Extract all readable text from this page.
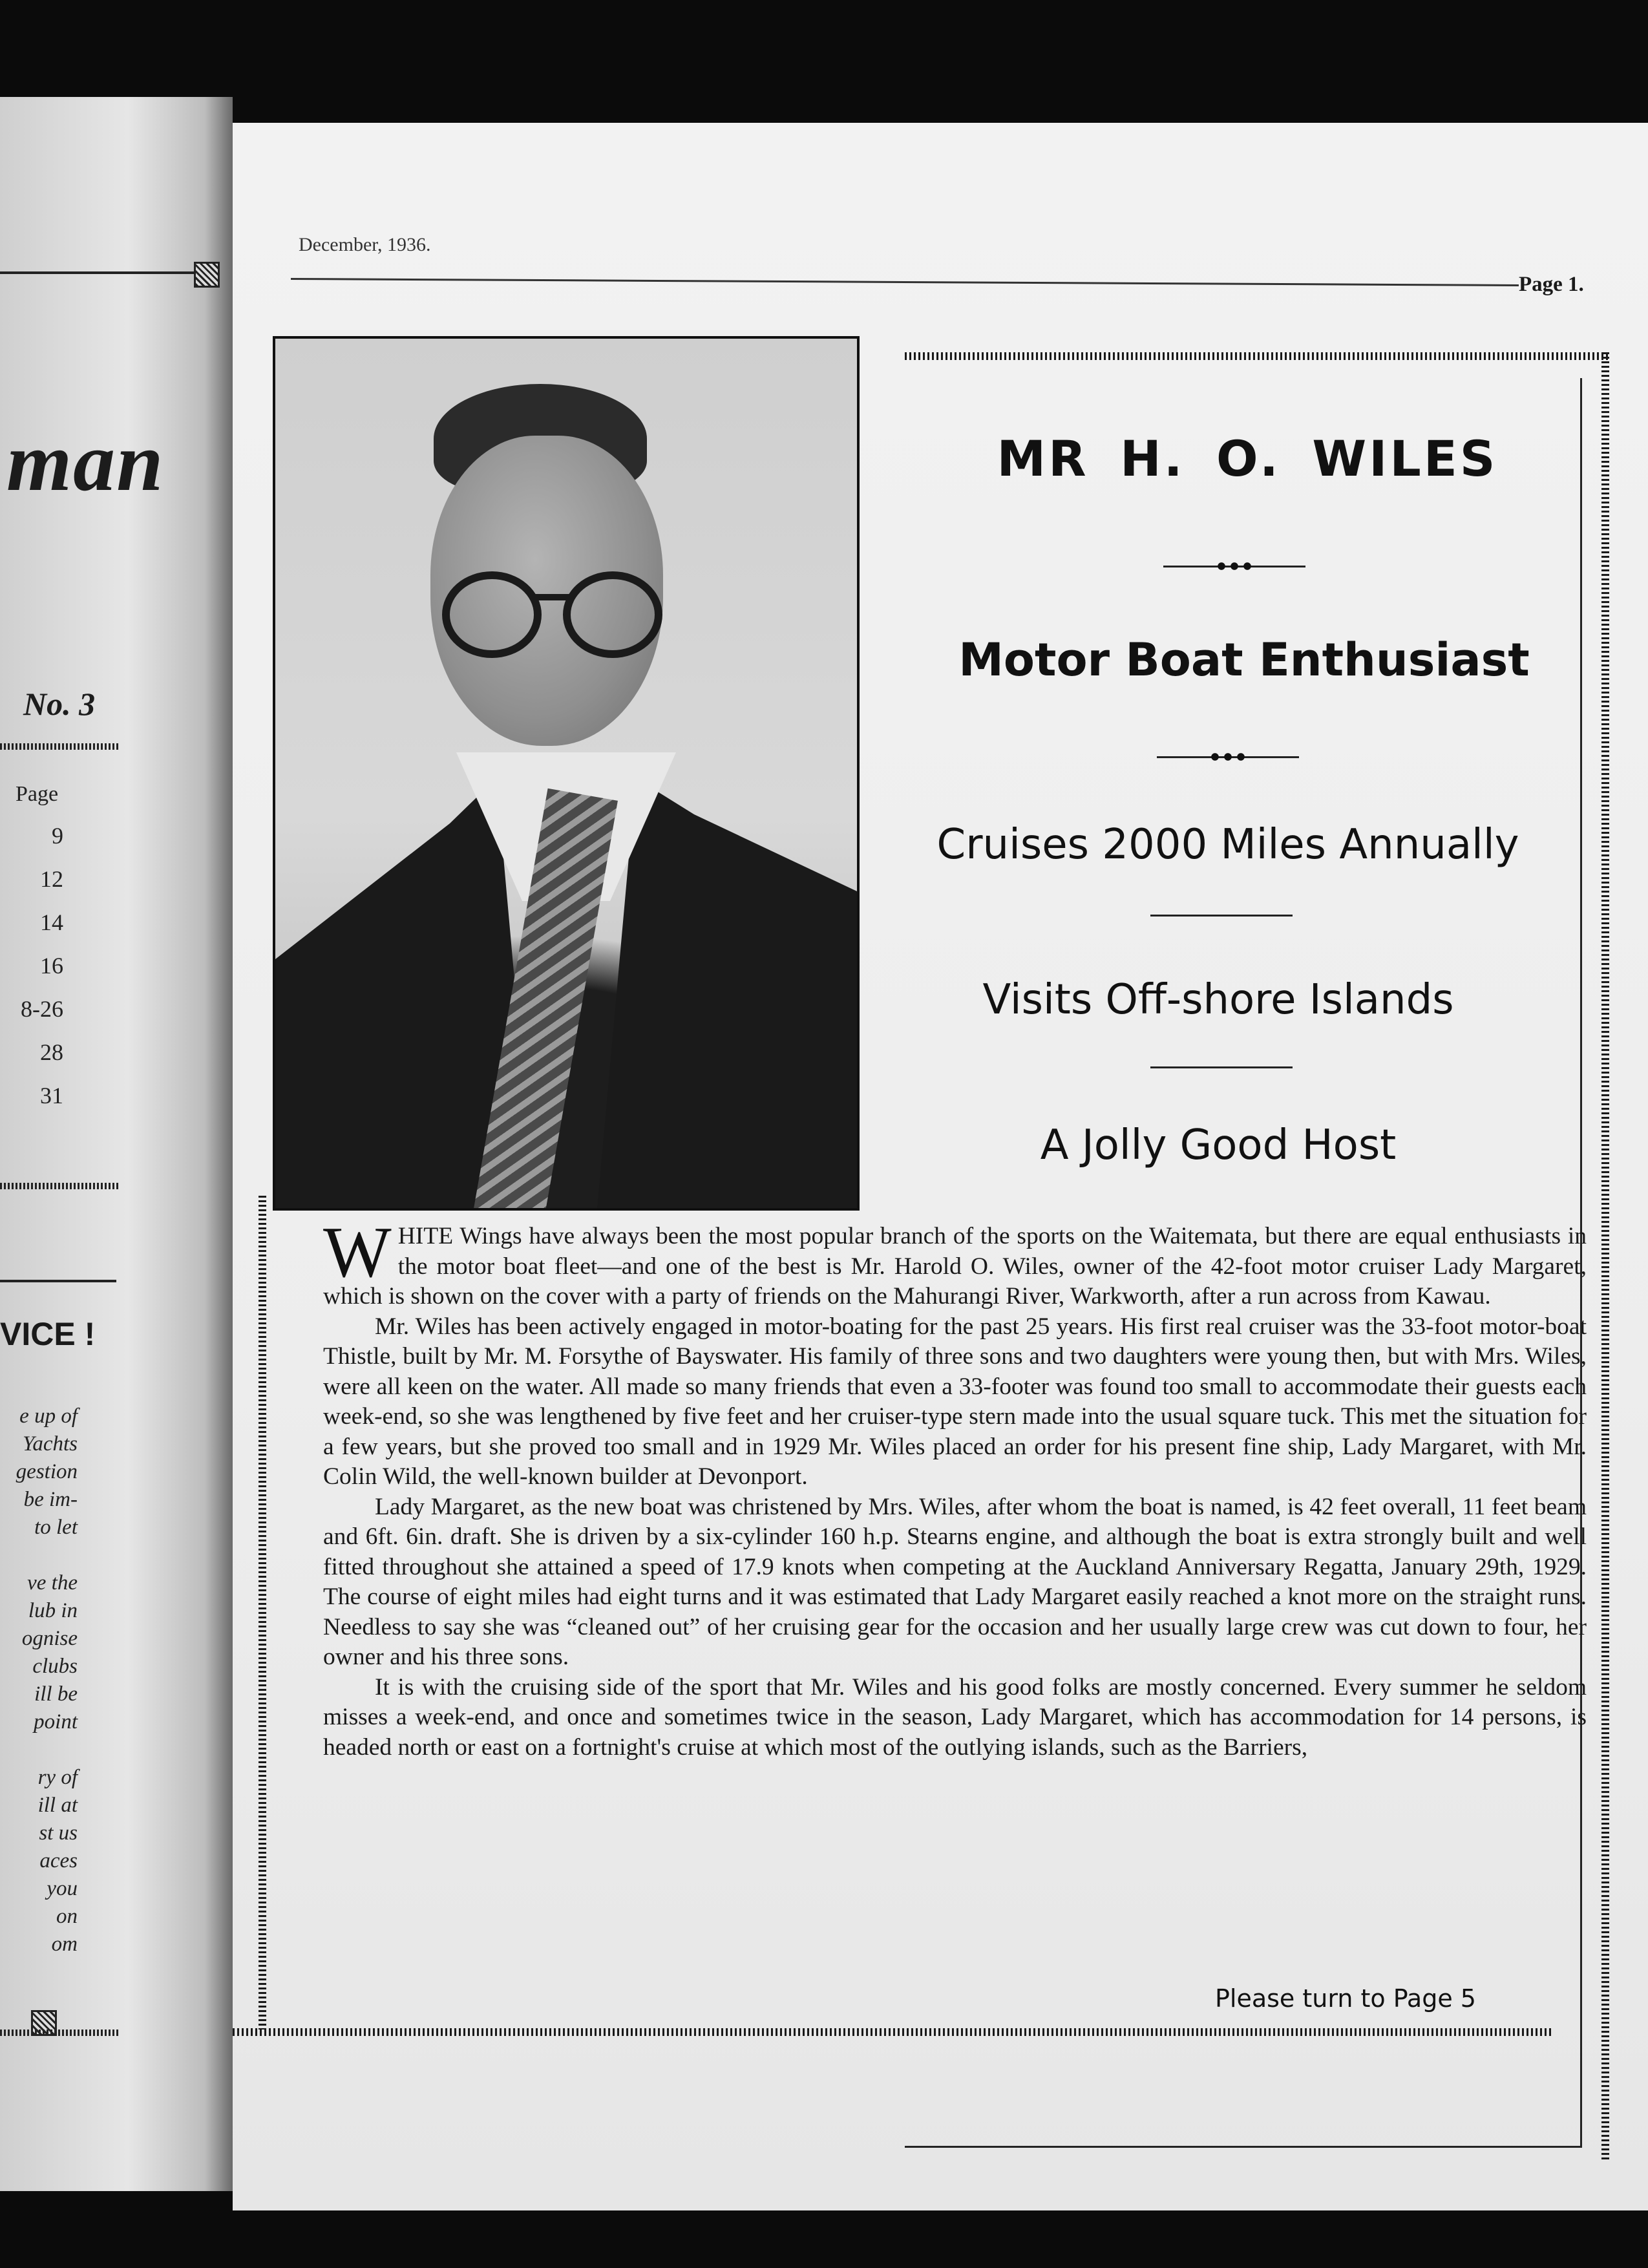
man
No. 3
Page
9
12
14
16
8-26
28
31
VICE !
e up of
Yachts
gestion
be im-
to let
ve the
lub in
ognise
clubs
ill be
point
ry of
ill at
st us
aces
you
on
om
December, 1936.
Page 1.
MR H. O. WILES
Motor Boat Enthusiast
Cruises 2000 Miles Annually
Visits Off-shore Islands
A Jolly Good Host

WHITE Wings have always been the most popular branch of the sports on the Waitemata, but there are equal enthusiasts in the motor boat fleet—and one of the best is Mr. Harold O. Wiles, owner of the 42-foot motor cruiser Lady Margaret, which is shown on the cover with a party of friends on the Mahurangi River, Warkworth, after a run across from Kawau.

Mr. Wiles has been actively engaged in motor-boating for the past 25 years. His first real cruiser was the 33-foot motor-boat Thistle, built by Mr. M. Forsythe of Bayswater. His family of three sons and two daughters were young then, but with Mrs. Wiles, were all keen on the water. All made so many friends that even a 33-footer was found too small to accommodate their guests each week-end, so she was lengthened by five feet and her cruiser-type stern made into the usual square tuck. This met the situation for a few years, but she proved too small and in 1929 Mr. Wiles placed an order for his present fine ship, Lady Margaret, with Mr. Colin Wild, the well-known builder at Devonport.

Lady Margaret, as the new boat was christened by Mrs. Wiles, after whom the boat is named, is 42 feet overall, 11 feet beam and 6ft. 6in. draft. She is driven by a six-cylinder 160 h.p. Stearns engine, and although the boat is extra strongly built and well fitted throughout she attained a speed of 17.9 knots when competing at the Auckland Anniversary Regatta, January 29th, 1929. The course of eight miles had eight turns and it was estimated that Lady Margaret easily reached a knot more on the straight runs. Needless to say she was “cleaned out” of her cruising gear for the occasion and her usually large crew was cut down to four, her owner and his three sons.

It is with the cruising side of the sport that Mr. Wiles and his good folks are mostly concerned. Every summer he seldom misses a week-end, and once and sometimes twice in the season, Lady Margaret, which has accommodation for 14 persons, is headed north or east on a fortnight's cruise at which most of the outlying islands, such as the Barriers,

Please turn to Page 5
